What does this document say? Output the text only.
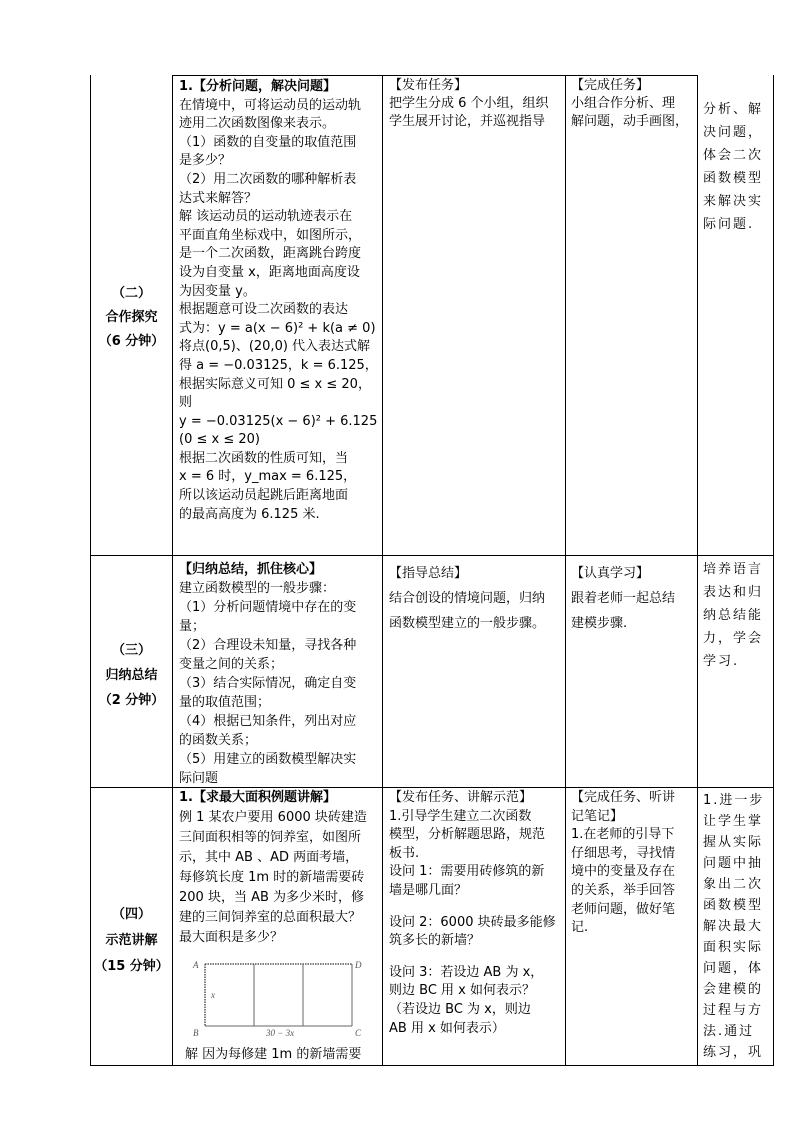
（二）
合作探究
（6 分钟）
1.【分析问题，解决问题】
在情境中，可将运动员的运动轨
迹用二次函数图像来表示。
（1）函数的自变量的取值范围
是多少？
（2）用二次函数的哪种解析表
达式来解答？
解 该运动员的运动轨迹表示在
平面直角坐标戏中，如图所示，
是一个二次函数，距离跳台跨度
设为自变量 x，距离地面高度设
为因变量 y。
根据题意可设二次函数的表达
式为：y = a(x − 6)² + k(a ≠ 0)
将点(0,5)、(20,0) 代入表达式解
得 a = −0.03125，k = 6.125，
根据实际意义可知 0 ≤ x ≤ 20，
则
y = −0.03125(x − 6)² + 6.125
(0 ≤ x ≤ 20)
根据二次函数的性质可知，当
x = 6 时，y_max = 6.125，
所以该运动员起跳后距离地面
的最高高度为 6.125 米.
【发布任务】
把学生分成 6 个小组，组织
学生展开讨论，并巡视指导
【完成任务】
小组合作分析、理
解问题，动手画图，
分析、解
决问题，
体会二次
函数模型
来解决实
际问题.
（三）
归纳总结
（2 分钟）
【归纳总结，抓住核心】
建立函数模型的一般步骤：
（1）分析问题情境中存在的变
量；
（2）合理设未知量，寻找各种
变量之间的关系；
（3）结合实际情况，确定自变
量的取值范围；
（4）根据已知条件，列出对应
的函数关系；
（5）用建立的函数模型解决实
际问题
【指导总结】
结合创设的情境问题，归纳
函数模型建立的一般步骤。
【认真学习】
跟着老师一起总结
建模步骤.
培养语言
表达和归
纳总结能
力，学会
学习.
（四）
示范讲解
（15 分钟）
1.【求最大面积例题讲解】
例 1 某农户要用 6000 块砖建造
三间面积相等的饲养室，如图所
示，其中 AB 、AD 两面考墙，
每修筑长度 1m 时的新墙需要砖
200 块，当 AB 为多少米时，修
建的三间饲养室的总面积最大？
最大面积是多少？
A
B	C
D
x
30 − 3x
解 因为每修建 1m 的新墙需要
【发布任务、讲解示范】
1.引导学生建立二次函数
模型，分析解题思路，规范
板书.
设问 1：需要用砖修筑的新
墙是哪几面？
设问 2：6000 块砖最多能修
筑多长的新墙？
设问 3：若设边 AB 为 x，
则边 BC 用 x 如何表示？
（若设边 BC 为 x，则边
AB 用 x 如何表示）
【完成任务、听讲
记笔记】
1.在老师的引导下
仔细思考，寻找情
境中的变量及存在
的关系，举手回答
老师问题，做好笔
记.
1.进一步
让学生掌
握从实际
问题中抽
象出二次
函数模型
解决最大
面积实际
问题，体
会建模的
过程与方
法.通过
练习，巩
